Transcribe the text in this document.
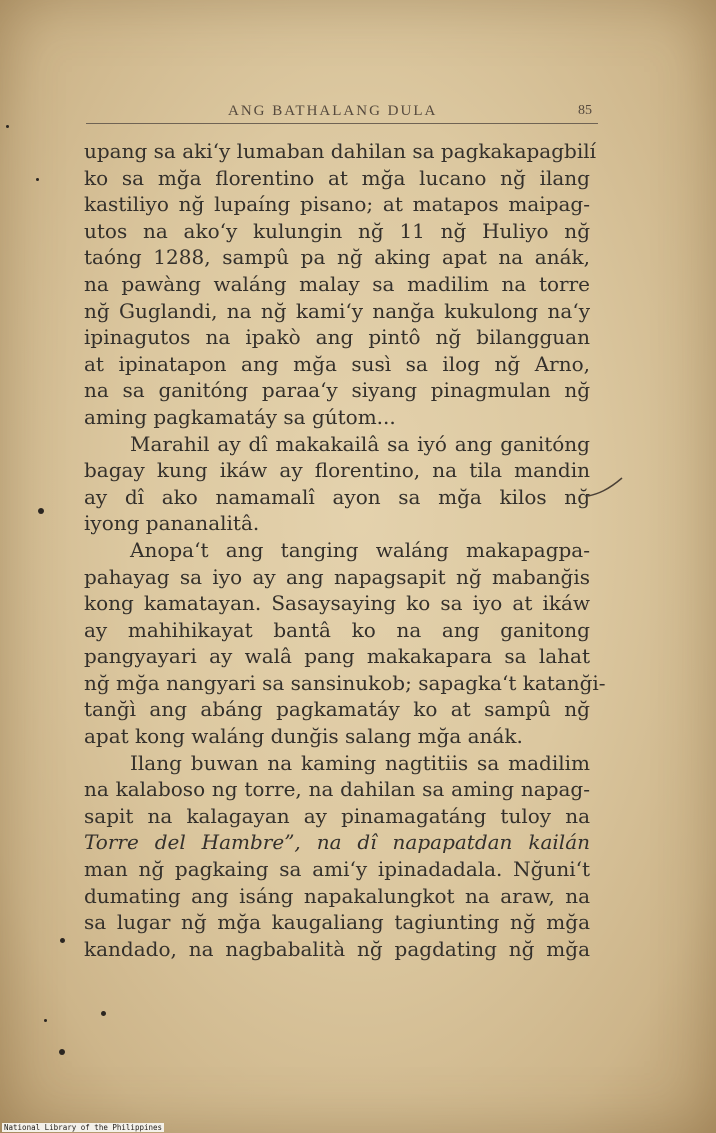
ANG BATHALANG DULA	85
upang sa aki‘y lumaban dahilan sa pagkakapagbilí
ko sa mğa florentino at mğa lucano nğ ilang
kastiliyo nğ lupaíng pisano; at matapos maipag-
utos na ako‘y kulungin nğ 11 nğ Huliyo nğ
taóng 1288, sampû pa nğ aking apat na anák,
na pawàng waláng malay sa madilim na torre
nğ Guglandi, na nğ kami‘y nanğa kukulong na‘y
ipinagutos na ipakò ang pintô nğ bilangguan
at ipinatapon ang mğa susì sa ilog nğ Arno,
na sa ganitóng paraa‘y siyang pinagmulan nğ
aming pagkamatáy sa gútom...
Marahil ay dî makakailâ sa iyó ang ganitóng
bagay kung ikáw ay florentino, na tila mandin
ay dî ako namamalî ayon sa mğa kilos nğ
iyong pananalitâ.
Anopa‘t ang tanging waláng makapagpa-
pahayag sa iyo ay ang napagsapit nğ mabanğis
kong kamatayan. Sasaysaying ko sa iyo at ikáw
ay mahihikayat bantâ ko na ang ganitong
pangyayari ay walâ pang makakapara sa lahat
nğ mğa nangyari sa sansinukob; sapagka‘t katanği-
tanğì ang abáng pagkamatáy ko at sampû nğ
apat kong waláng dunğis salang mğa anák.
Ilang buwan na kaming nagtitiis sa madilim
na kalaboso ng torre, na dahilan sa aming napag-
sapit na kalagayan ay pinamagatáng tuloy na
Torre del Hambre”, na dî napapatdan kailán
man nğ pagkaing sa ami‘y ipinadadala. Nğuni‘t
dumating ang isáng napakalungkot na araw, na
sa lugar nğ mğa kaugaliang tagiunting nğ mğa
kandado, na nagbabalità nğ pagdating nğ mğa
National Library of the Philippines
